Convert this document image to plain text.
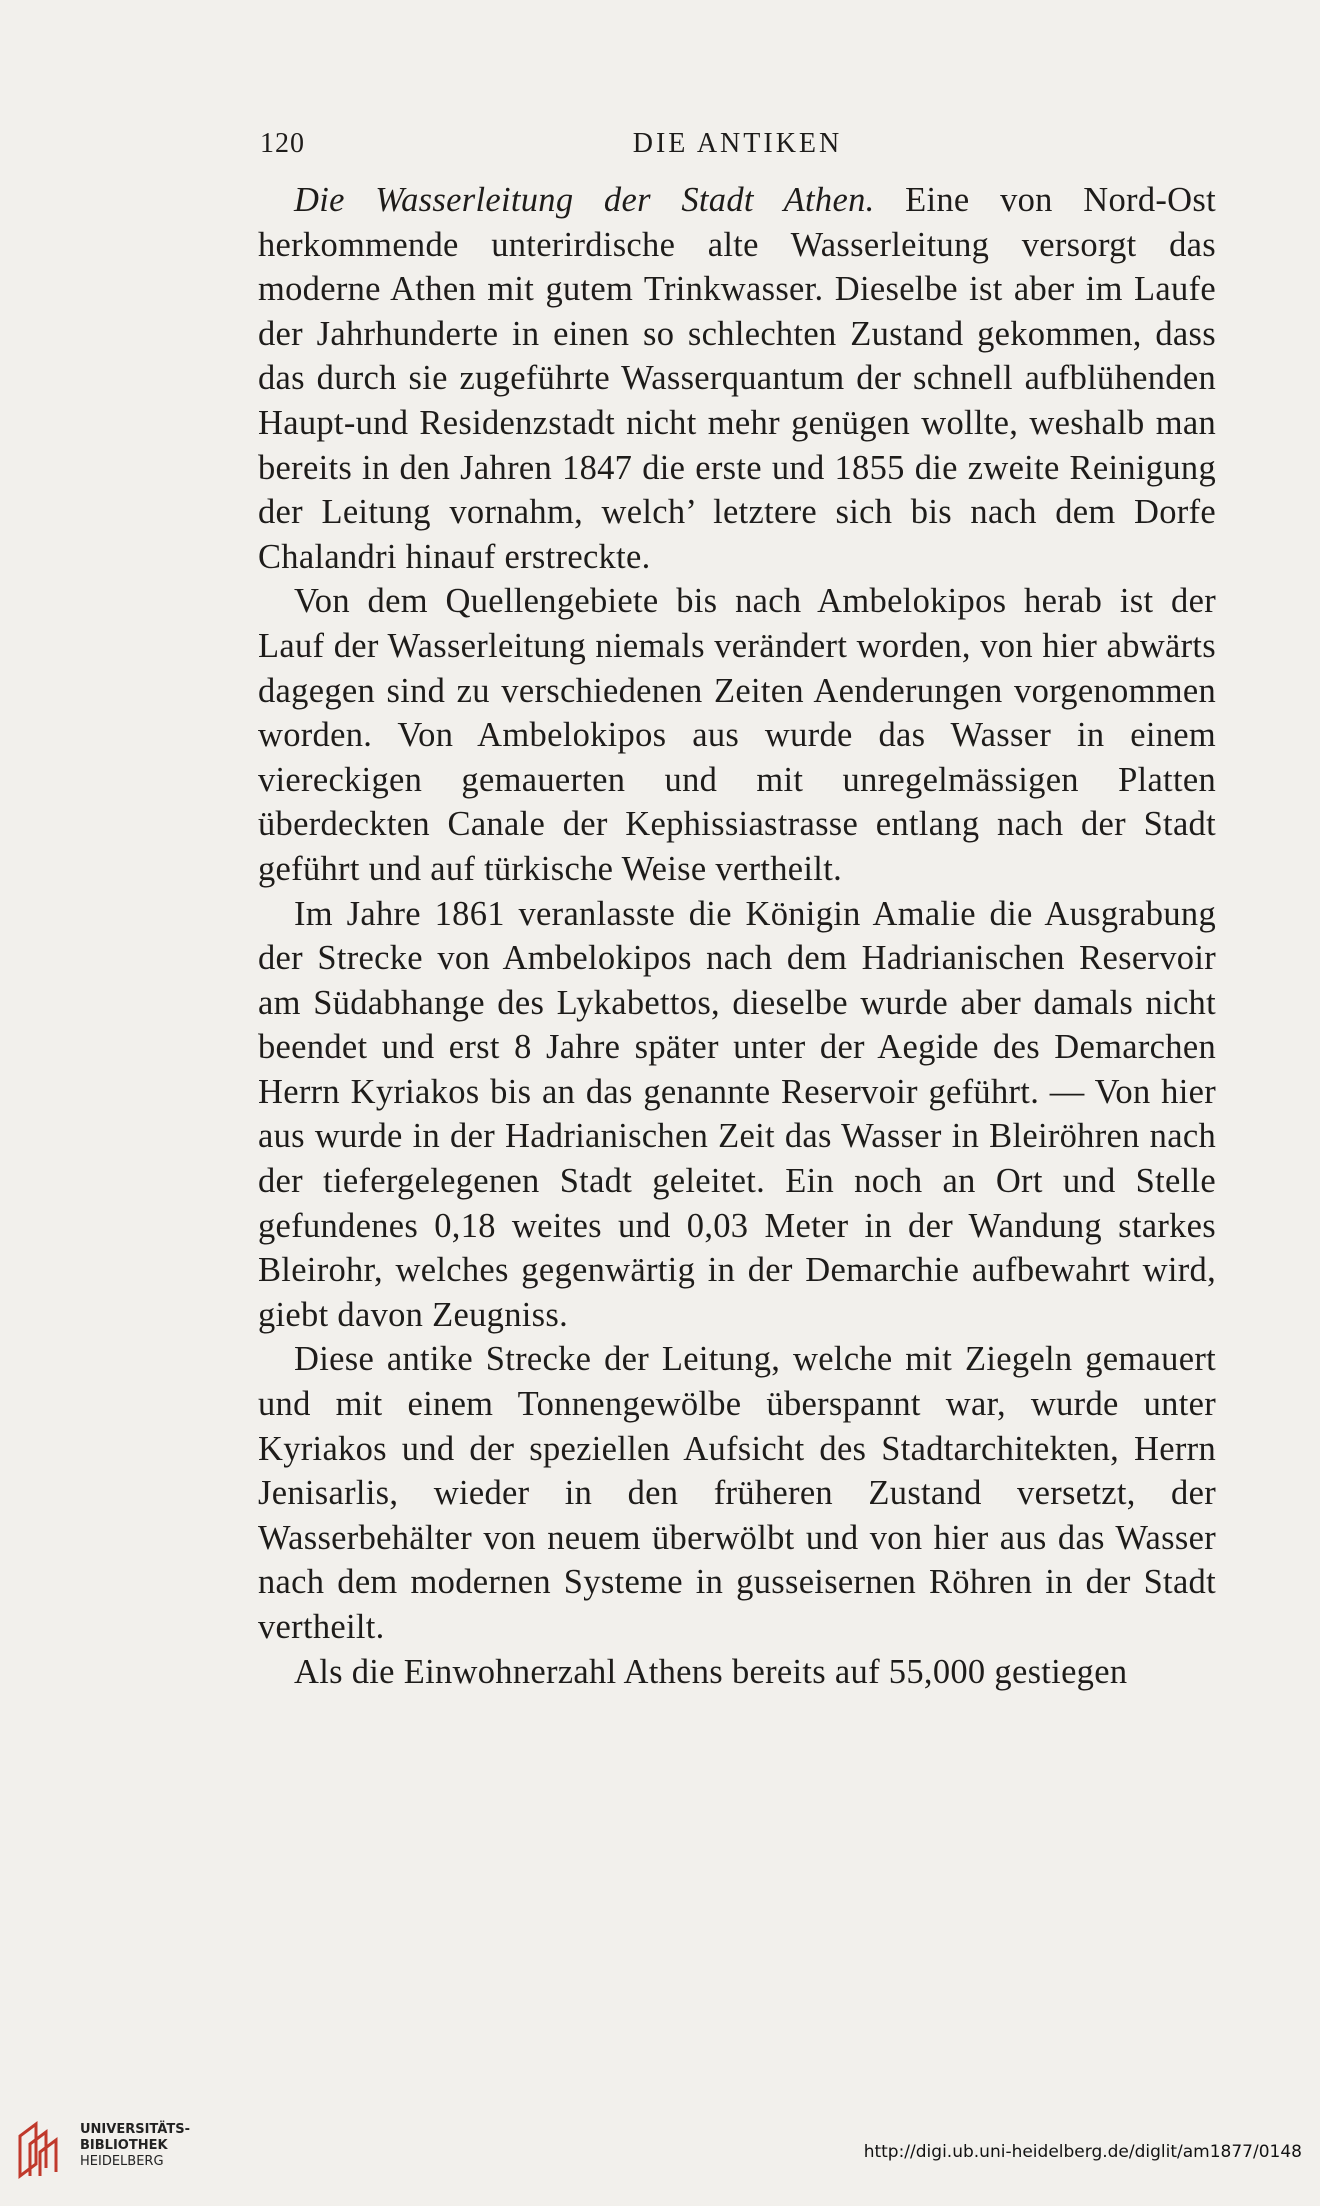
120	DIE ANTIKEN

Die Wasserleitung der Stadt Athen. Eine von Nord-Ost herkommende unterirdische alte Wasserleitung versorgt das moderne Athen mit gutem Trinkwasser. Dieselbe ist aber im Laufe der Jahrhunderte in einen so schlechten Zustand gekommen, dass das durch sie zugeführte Wasserquantum der schnell aufblühenden Haupt-und Residenzstadt nicht mehr genügen wollte, weshalb man bereits in den Jahren 1847 die erste und 1855 die zweite Reinigung der Leitung vornahm, welch’ letztere sich bis nach dem Dorfe Chalandri hinauf erstreckte.

Von dem Quellengebiete bis nach Ambelokipos herab ist der Lauf der Wasserleitung niemals verändert worden, von hier abwärts dagegen sind zu verschiedenen Zeiten Aenderungen vorgenommen worden. Von Ambelokipos aus wurde das Wasser in einem viereckigen gemauerten und mit unregelmässigen Platten überdeckten Canale der Kephissiastrasse entlang nach der Stadt geführt und auf türkische Weise vertheilt.

Im Jahre 1861 veranlasste die Königin Amalie die Ausgrabung der Strecke von Ambelokipos nach dem Hadrianischen Reservoir am Südabhange des Lykabettos, dieselbe wurde aber damals nicht beendet und erst 8 Jahre später unter der Aegide des Demarchen Herrn Kyriakos bis an das genannte Reservoir geführt. — Von hier aus wurde in der Hadrianischen Zeit das Wasser in Bleiröhren nach der tiefergelegenen Stadt geleitet. Ein noch an Ort und Stelle gefundenes 0,18 weites und 0,03 Meter in der Wandung starkes Bleirohr, welches gegenwärtig in der Demarchie aufbewahrt wird, giebt davon Zeugniss.

Diese antike Strecke der Leitung, welche mit Ziegeln gemauert und mit einem Tonnengewölbe überspannt war, wurde unter Kyriakos und der speziellen Aufsicht des Stadtarchitekten, Herrn Jenisarlis, wieder in den früheren Zustand versetzt, der Wasserbehälter von neuem überwölbt und von hier aus das Wasser nach dem modernen Systeme in gusseisernen Röhren in der Stadt vertheilt.

Als die Einwohnerzahl Athens bereits auf 55,000 gestiegen

UNIVERSITÄTS-
BIBLIOTHEK
HEIDELBERG	http://digi.ub.uni-heidelberg.de/diglit/am1877/0148
